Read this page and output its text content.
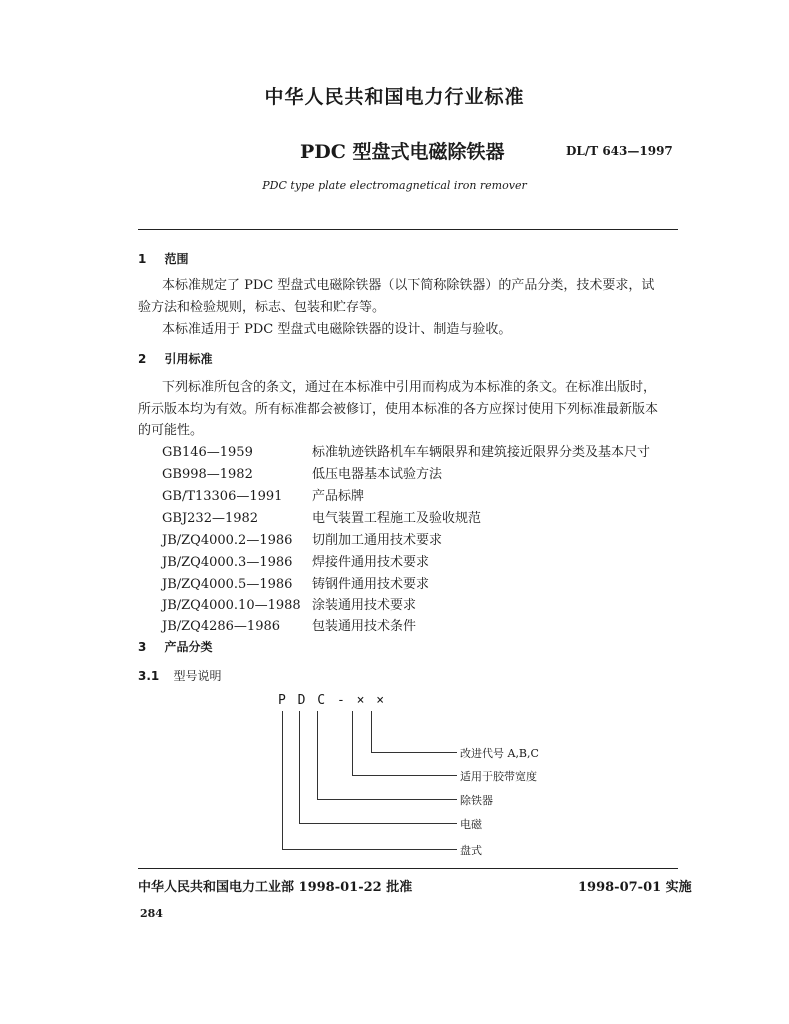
中华人民共和国电力行业标准
PDC 型盘式电磁除铁器	DL/T 643—1997
PDC type plate electromagnetical iron remover
1 范围
本标准规定了 PDC 型盘式电磁除铁器（以下简称除铁器）的产品分类，技术要求，试
验方法和检验规则，标志、包装和贮存等。
本标准适用于 PDC 型盘式电磁除铁器的设计、制造与验收。
2 引用标准
下列标准所包含的条文，通过在本标准中引用而构成为本标准的条文。在标准出版时，
所示版本均为有效。所有标准都会被修订，使用本标准的各方应探讨使用下列标准最新版本
的可能性。
GB146—1959	标准轨迹铁路机车车辆限界和建筑接近限界分类及基本尺寸
GB998—1982	低压电器基本试验方法
GB/T13306—1991 产品标牌
GBJ232—1982	电气装置工程施工及验收规范
JB/ZQ4000.2—1986 切削加工通用技术要求
JB/ZQ4000.3—1986 焊接件通用技术要求
JB/ZQ4000.5—1986 铸钢件通用技术要求
JB/ZQ4000.10—1988 涂装通用技术要求
JB/ZQ4286—1986 包装通用技术条件
3 产品分类
3.1 型号说明
P D C - × ×
改进代号 A,B,C
适用于胶带宽度
除铁器
电磁
盘式
中华人民共和国电力工业部 1998-01-22 批准	1998-07-01 实施
284
